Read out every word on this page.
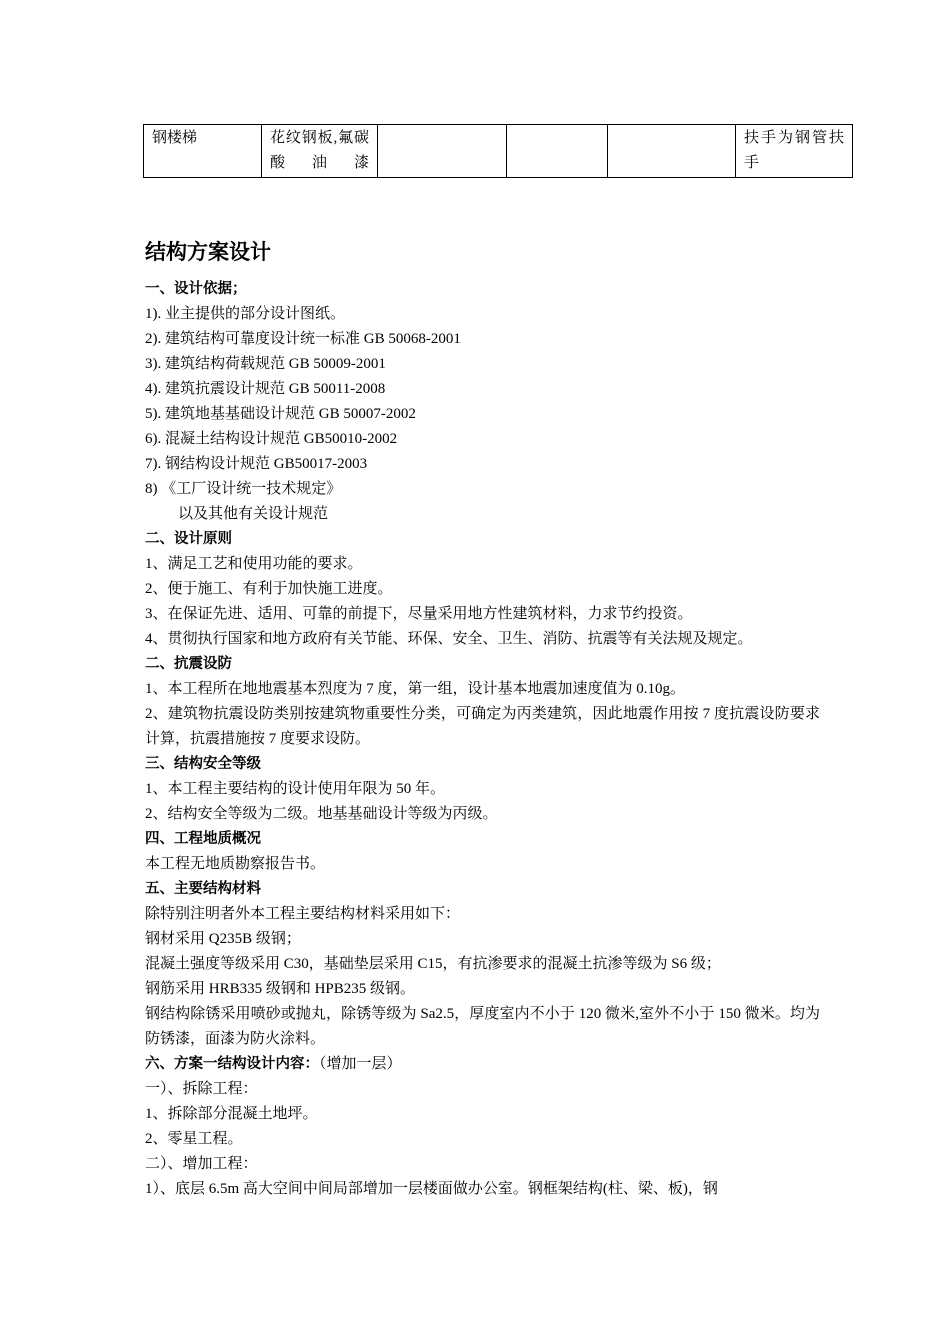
钢楼梯	花纹钢板,氟碳酸油漆				扶手为钢管扶手
结构方案设计

一、设计依据；

1). 业主提供的部分设计图纸。

2). 建筑结构可靠度设计统一标准 GB 50068-2001

3). 建筑结构荷载规范 GB 50009-2001

4). 建筑抗震设计规范 GB 50011-2008

5). 建筑地基基础设计规范 GB 50007-2002

6). 混凝土结构设计规范 GB50010-2002

7). 钢结构设计规范 GB50017-2003

8) 《工厂设计统一技术规定》

以及其他有关设计规范

二、设计原则

1、满足工艺和使用功能的要求。

2、便于施工、有利于加快施工进度。

3、在保证先进、适用、可靠的前提下，尽量采用地方性建筑材料，力求节约投资。

4、贯彻执行国家和地方政府有关节能、环保、安全、卫生、消防、抗震等有关法规及规定。

二、抗震设防

1、本工程所在地地震基本烈度为 7 度，第一组，设计基本地震加速度值为 0.10g。

2、建筑物抗震设防类别按建筑物重要性分类，可确定为丙类建筑，因此地震作用按 7 度抗震设防要求计算，抗震措施按 7 度要求设防。

三、结构安全等级

1、本工程主要结构的设计使用年限为 50 年。

2、结构安全等级为二级。地基基础设计等级为丙级。

四、工程地质概况

本工程无地质勘察报告书。

五、主要结构材料

除特别注明者外本工程主要结构材料采用如下：

钢材采用 Q235B 级钢；

混凝土强度等级采用 C30，基础垫层采用 C15，有抗渗要求的混凝土抗渗等级为 S6 级；

钢筋采用 HRB335 级钢和 HPB235 级钢。

钢结构除锈采用喷砂或抛丸，除锈等级为 Sa2.5，厚度室内不小于 120 微米,室外不小于 150 微米。均为防锈漆，面漆为防火涂料。

六、方案一结构设计内容：（增加一层）

一）、拆除工程：

1、拆除部分混凝土地坪。

2、零星工程。

二）、增加工程：

1）、底层 6.5m 高大空间中间局部增加一层楼面做办公室。钢框架结构(柱、梁、板)，钢
